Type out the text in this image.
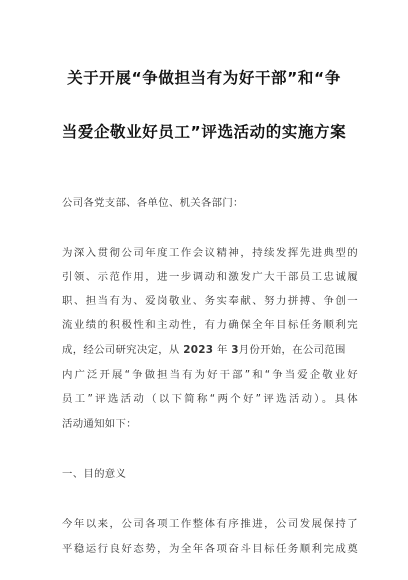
关于开展“争做担当有为好干部”和“争
当爱企敬业好员工”评选活动的实施方案
公司各党支部、各单位、机关各部门：
为深入贯彻公司年度工作会议精神，持续发挥先进典型的
引领、示范作用，进一步调动和激发广大干部员工忠诚履
职、担当有为、爱岗敬业、务实奉献、努力拼搏、争创一
流业绩的积极性和主动性，有力确保全年目标任务顺利完
成，经公司研究决定，从 2023 年 3月份开始，在公司范围
内广泛开展“争做担当有为好干部”和“争当爱企敬业好
员工”评选活动（以下简称“两个好”评选活动）。具体
活动通知如下：
一、目的意义
今年以来，公司各项工作整体有序推进，公司发展保持了
平稳运行良好态势，为全年各项奋斗目标任务顺利完成奠
